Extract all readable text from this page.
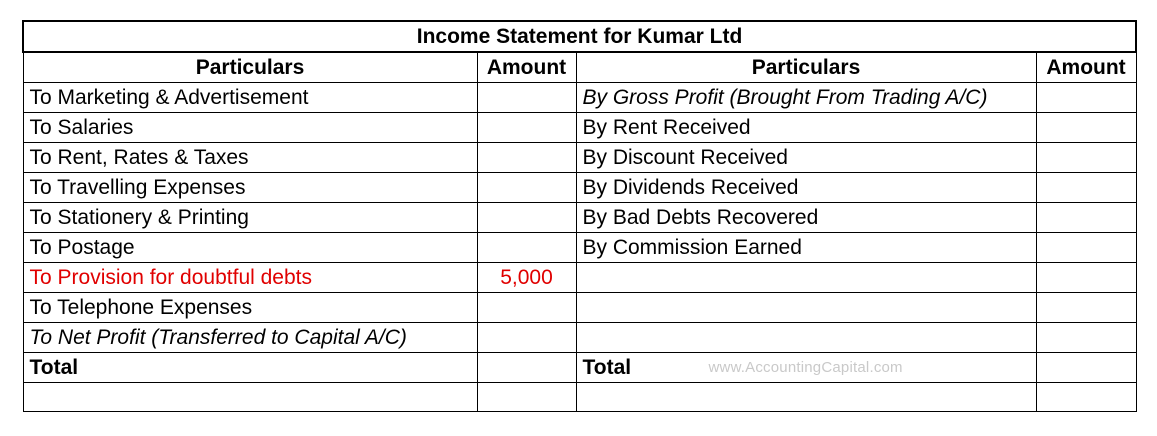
Income Statement for Kumar Ltd			
Particulars	Amount	Particulars	Amount
To Marketing & Advertisement		By Gross Profit (Brought From Trading A/C)	
To Salaries		By Rent Received	
To Rent, Rates & Taxes		By Discount Received	
To Travelling Expenses		By Dividends Received	
To Stationery & Printing		By Bad Debts Recovered	
To Postage		By Commission Earned	
To Provision for doubtful debts	5,000		
To Telephone Expenses			
To Net Profit (Transferred to Capital A/C)			
Total		Total www.AccountingCapital.com	
